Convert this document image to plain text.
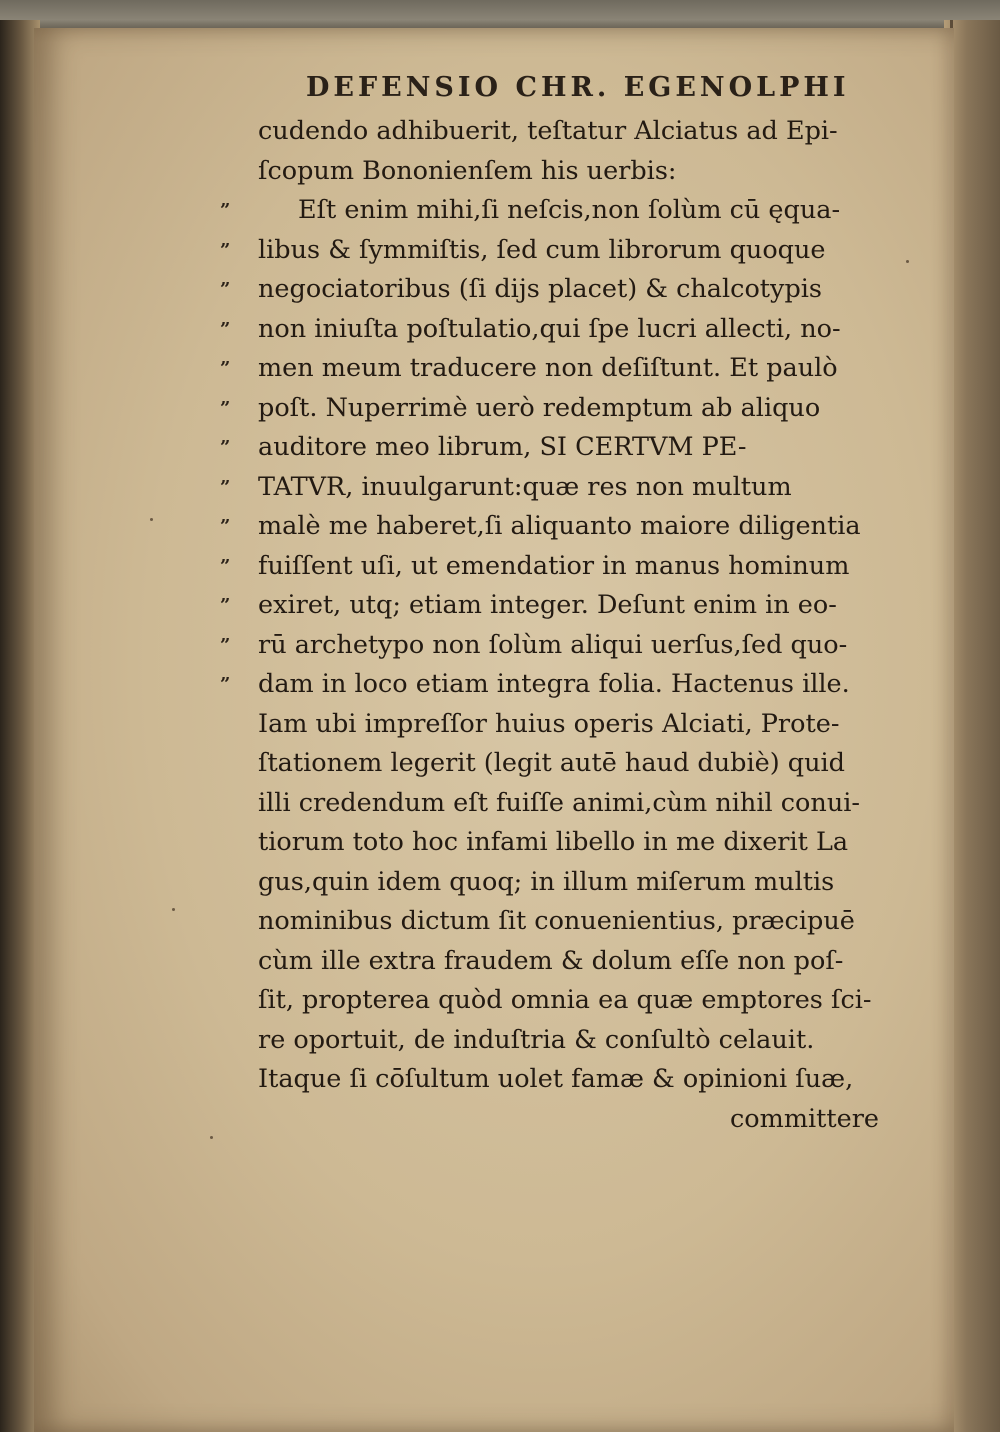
DEFENSIO CHR. EGENOLPHI
cudendo adhibuerit, teſtatur Alciatus ad Epi-
ſcopum Bononienſem his uerbis:
”	Eſt enim mihi,ſi neſcis,non ſolùm cū ęqua-
”	libus & ſymmiſtis, ſed cum librorum quoque
”	negociatoribus (ſi dijs placet) & chalcotypis
”	non iniuſta poſtulatio,qui ſpe lucri allecti, no-
”	men meum traducere non deſiſtunt. Et paulò
”	poſt. Nuperrimè uerò redemptum ab aliquo
”	auditore meo librum, SI CERTVM PE-
”	TATVR, inuulgarunt:quæ res non multum
”	malè me haberet,ſi aliquanto maiore diligentia
”	fuiſſent uſi, ut emendatior in manus hominum
”	exiret, utq; etiam integer. Deſunt enim in eo-
”	rū archetypo non ſolùm aliqui uerſus,ſed quo-
”	dam in loco etiam integra folia. Hactenus ille.
Iam ubi impreſſor huius operis Alciati, Prote-
ſtationem legerit (legit autē haud dubiè) quid
illi credendum eſt fuiſſe animi,cùm nihil conui-
tiorum toto hoc infami libello in me dixerit La
gus,quin idem quoq; in illum miſerum multis
nominibus dictum ſit conuenientius, præcipuē
cùm ille extra fraudem & dolum eſſe non poſ-
ſit, propterea quòd omnia ea quæ emptores ſci-
re oportuit, de induſtria & conſultò celauit.
Itaque ſi cōſultum uolet famæ & opinioni ſuæ,
committere
